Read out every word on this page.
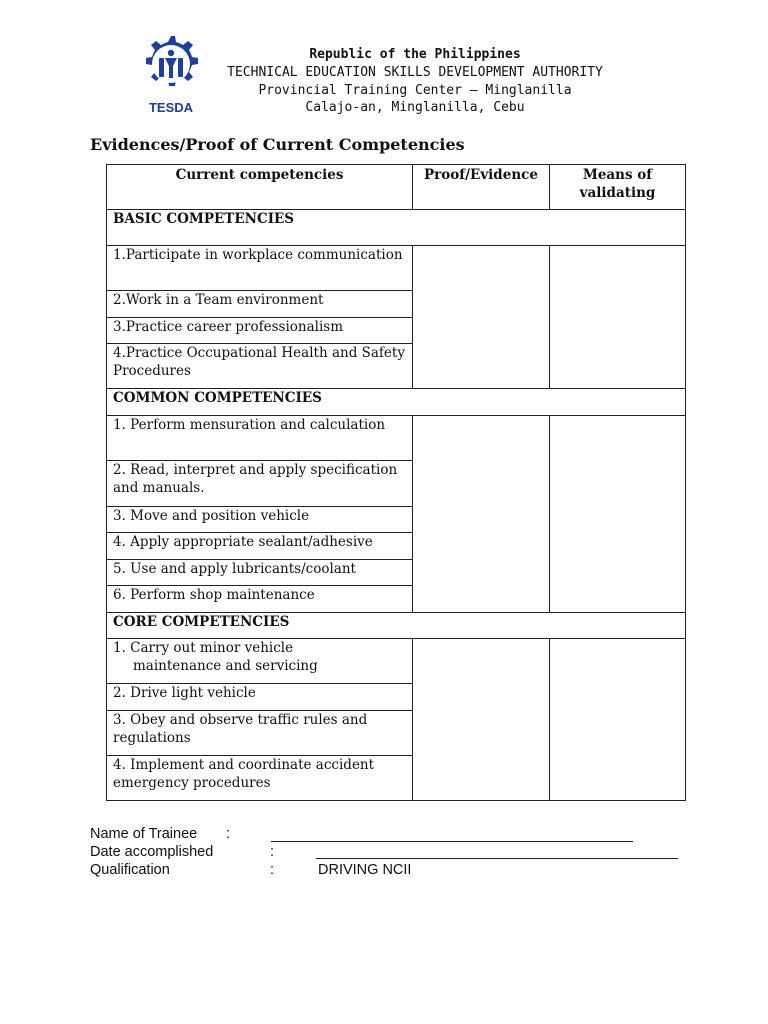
TESDA
Republic of the Philippines
TECHNICAL EDUCATION SKILLS DEVELOPMENT AUTHORITY
Provincial Training Center – Minglanilla
Calajo-an, Minglanilla, Cebu
Evidences/Proof of Current Competencies
Current competencies	Proof/Evidence	Means of validating
BASIC COMPETENCIES		
1.Participate in workplace communication		
2.Work in a Team environment		
3.Practice career professionalism		
4.Practice Occupational Health and Safety Procedures		
COMMON COMPETENCIES		
1. Perform mensuration and calculation		
2. Read, interpret and apply specification and manuals.		
3. Move and position vehicle		
4. Apply appropriate sealant/adhesive		
5. Use and apply lubricants/coolant		
6. Perform shop maintenance		
CORE COMPETENCIES		
1. Carry out minor vehicle
maintenance and servicing		
2. Drive light vehicle		
3. Obey and observe traffic rules and regulations		
4. Implement and coordinate accident emergency procedures		
Name of Trainee :
Date accomplished	:
Qualification	:	DRIVING NCII
